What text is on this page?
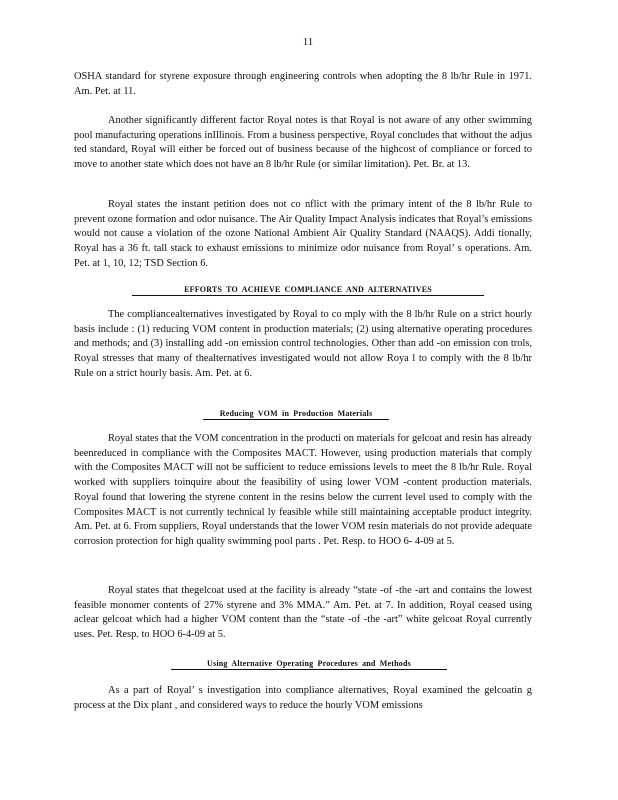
11
OSHA standard for styrene exposure through engineering controls when adopting the 8 lb/hr Rule in 1971. Am. Pet. at 11.
Another significantly different factor Royal notes is that Royal is not aware of any other swimming pool manufacturing operations inIllinois. From a business perspective, Royal concludes that without the adjus ted standard, Royal will either be forced out of business because of the highcost of compliance or forced to move to another state which does not have an 8 lb/hr Rule (or similar limitation). Pet. Br. at 13.
Royal states the instant petition does not co nflict with the primary intent of the 8 lb/hr Rule to prevent ozone formation and odor nuisance. The Air Quality Impact Analysis indicates that Royal’s emissions would not cause a violation of the ozone National Ambient Air Quality Standard (NAAQS). Addi tionally, Royal has a 36 ft. tall stack to exhaust emissions to minimize odor nuisance from Royal’ s operations. Am. Pet. at 1, 10, 12; TSD Section 6.
EFFORTS TO ACHIEVE COMPLIANCE AND ALTERNATIVES
The compliancealternatives investigated by Royal to co mply with the 8 lb/hr Rule on a strict hourly basis include : (1) reducing VOM content in production materials; (2) using alternative operating procedures and methods; and (3) installing add -on emission control technologies. Other than add -on emission con trols, Royal stresses that many of thealternatives investigated would not allow Roya l to comply with the 8 lb/hr Rule on a strict hourly basis. Am. Pet. at 6.
Reducing VOM in Production Materials
Royal states that the VOM concentration in the producti on materials for gelcoat and resin has already beenreduced in compliance with the Composites MACT. However, using production materials that comply with the Composites MACT will not be sufficient to reduce emissions levels to meet the 8 lb/hr Rule. Royal worked with suppliers toinquire about the feasibility of using lower VOM -content production materials. Royal found that lowering the styrene content in the resins below the current level used to comply with the Composites MACT is not currently technical ly feasible while still maintaining acceptable product integrity. Am. Pet. at 6. From suppliers, Royal understands that the lower VOM resin materials do not provide adequate corrosion protection for high quality swimming pool parts . Pet. Resp. to HOO 6- 4-09 at 5.
Royal states that thegelcoat used at the facility is already “state -of -the -art and contains the lowest feasible monomer contents of 27% styrene and 3% MMA.” Am. Pet. at 7. In addition, Royal ceased using aclear gelcoat which had a higher VOM content than the “state -of -the -art” white gelcoat Royal currently uses. Pet. Resp. to HOO 6-4-09 at 5.
Using Alternative Operating Procedures and Methods
As a part of Royal’ s investigation into compliance alternatives, Royal examined the gelcoatin g process at the Dix plant , and considered ways to reduce the hourly VOM emissions
